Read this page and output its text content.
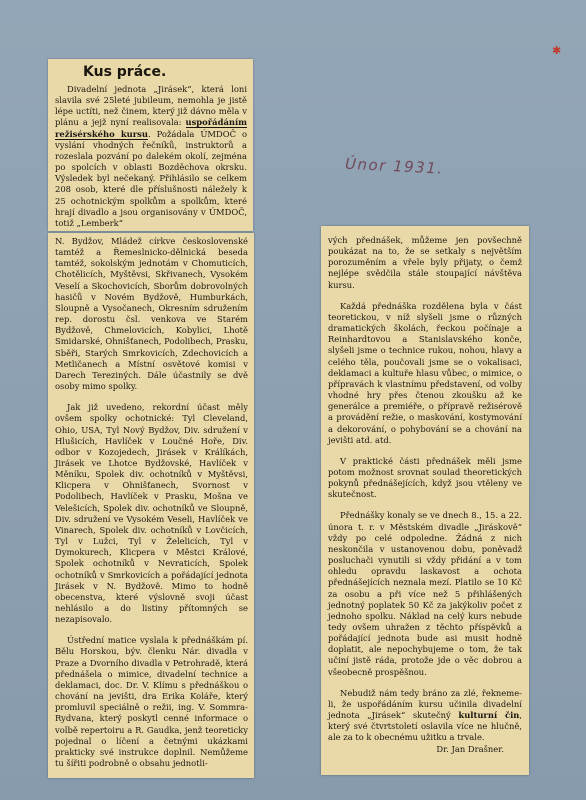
✱
Únor 1931.
Kus práce.

Divadelní jednota „Jirásek“, která loni slavila své 25leté jubileum, nemohla je jistě lépe uctíti, než činem, který již dávno měla v plánu a jejž nyní realisovala: uspořádáním režisérského kursu. Požádala ÚMDOČ o vyslání vhodných řečníků, instruktorů a rozeslala pozvání po dalekém okolí, zejména po spolcích v oblasti Bozděchova okrsku. Výsledek byl nečekaný. Přihlásilo se celkem 208 osob, které dle příslušnosti náležely k 25 ochotnickým spolkům a spolkům, které hrají divadlo a jsou organisovány v ÚMDOČ, totiž „Lemberk“

N. Bydžov, Mládež církve československé tamtéž a Řemeslnicko-dělnická beseda tamtéž, sokolským jednotám v Chomuticích, Chotělicích, Myštěvsi, Skřivanech, Vysokém Veselí a Skochovicích, Sborům dobrovolných hasičů v Novém Bydžově, Humburkách, Sloupně a Vysočanech, Okresním sdružením rep. dorostu čsl. venkova ve Starém Bydžově, Chmelovicích, Kobylici, Lhotě Smidarské, Ohnišťanech, Podolibech, Prasku, Sběři, Starých Smrkovicích, Zdechovicích a Metličanech a Místní osvětové komisi v Darech Tereziných. Dále účastnily se dvě osoby mimo spolky.

Jak již uvedeno, rekordní účast měly ovšem spolky ochotnické: Tyl Cleveland, Ohio, USA, Tyl Nový Bydžov, Div. sdružení v Hlušicích, Havlíček v Loučné Hoře, Div. odbor v Kozojedech, Jirásek v Králíkách, Jirásek ve Lhotce Bydžovské, Havlíček v Měníku, Spolek div. ochotníků v Myštěvsi, Klicpera v Ohnišťanech, Svornost v Podolibech, Havlíček v Prasku, Mošna ve Velešicích, Spolek div. ochotníků ve Sloupně, Div. sdružení ve Vysokém Veseli, Havlíček ve Vinarech, Spolek div. ochotníků v Lovčicích, Tyl v Lužci, Tyl v Želelicích, Tyl v Dymokurech, Klicpera v Městci Králové, Spolek ochotníků v Nevraticích, Spolek ochotníků v Smrkovicích a pořádající jednota Jirásek v N. Bydžově. Mimo to hodně obecenstva, které výslovně svoji účast nehlásilo a do listiny přítomných se nezapisovalo.

Ústřední matice vyslala k přednáškám pí. Bělu Horskou, býv. členku Nár. divadla v Praze a Dvorního divadla v Petrohradě, která přednášela o mimice, divadelní technice a deklamaci, doc. Dr. V. Klímu s přednáškou o chování na jevišti, dra Erika Koláře, který promluvil speciálně o režii, ing. V. Sommra-Rydvana, který poskytl cenné informace o volbě repertoiru a R. Gaudka, jenž teoreticky pojednal o líčení a četnými ukázkami prakticky své instrukce doplnil. Nemůžeme tu šířiti podrobně o obsahu jednotli-

vých přednášek, můžeme jen povšechně poukázat na to, že se setkaly s největším porozuměním a vřele byly přijaty, o čemž nejlépe svědčila stále stoupající návštěva kursu.

Každá přednáška rozdělena byla v část teoretickou, v níž slyšeli jsme o různých dramatických školách, řeckou počínaje a Reinhardtovou a Stanislavského konče, slyšeli jsme o technice rukou, nohou, hlavy a celého těla, poučovali jsme se o vokalisaci, deklamaci a kultuře hlasu vůbec, o mimice, o přípravách k vlastnímu představení, od volby vhodné hry přes čtenou zkoušku až ke generálce a premiéře, o přípravě režisérově a provádění režie, o maskování, kostymování a dekorování, o pohybování se a chování na jevišti atd. atd.

V praktické části přednášek měli jsme potom možnost srovnat soulad theoretických pokynů přednášejících, když jsou vtěleny ve skutečnost.

Přednášky konaly se ve dnech 8., 15. a 22. února t. r. v Městském divadle „Jiráskově“ vždy po celé odpoledne. Žádná z nich neskončila v ustanovenou dobu, poněvadž posluchači vynutili si vždy přidání a v tom ohledu opravdu laskavost a ochota přednášejících neznala mezí. Platilo se 10 Kč za osobu a při více než 5 přihlášených jednotný poplatek 50 Kč za jakýkoliv počet z jednoho spolku. Náklad na celý kurs nebude tedy ovšem uhražen z těchto příspěvků a pořádající jednota bude asi musit hodně doplatit, ale nepochybujeme o tom, že tak učiní jistě ráda, protože jde o věc dobrou a všeobecně prospěšnou.

Nebudiž nám tedy bráno za zlé, řekneme-li, že uspořádáním kursu učinila divadelní jednota „Jirásek“ skutečný kulturní čin, který své čtvrtstoletí oslavila více ne hlučně, ale za to k obecnému užitku a trvale.

Dr. Jan Drašner.
